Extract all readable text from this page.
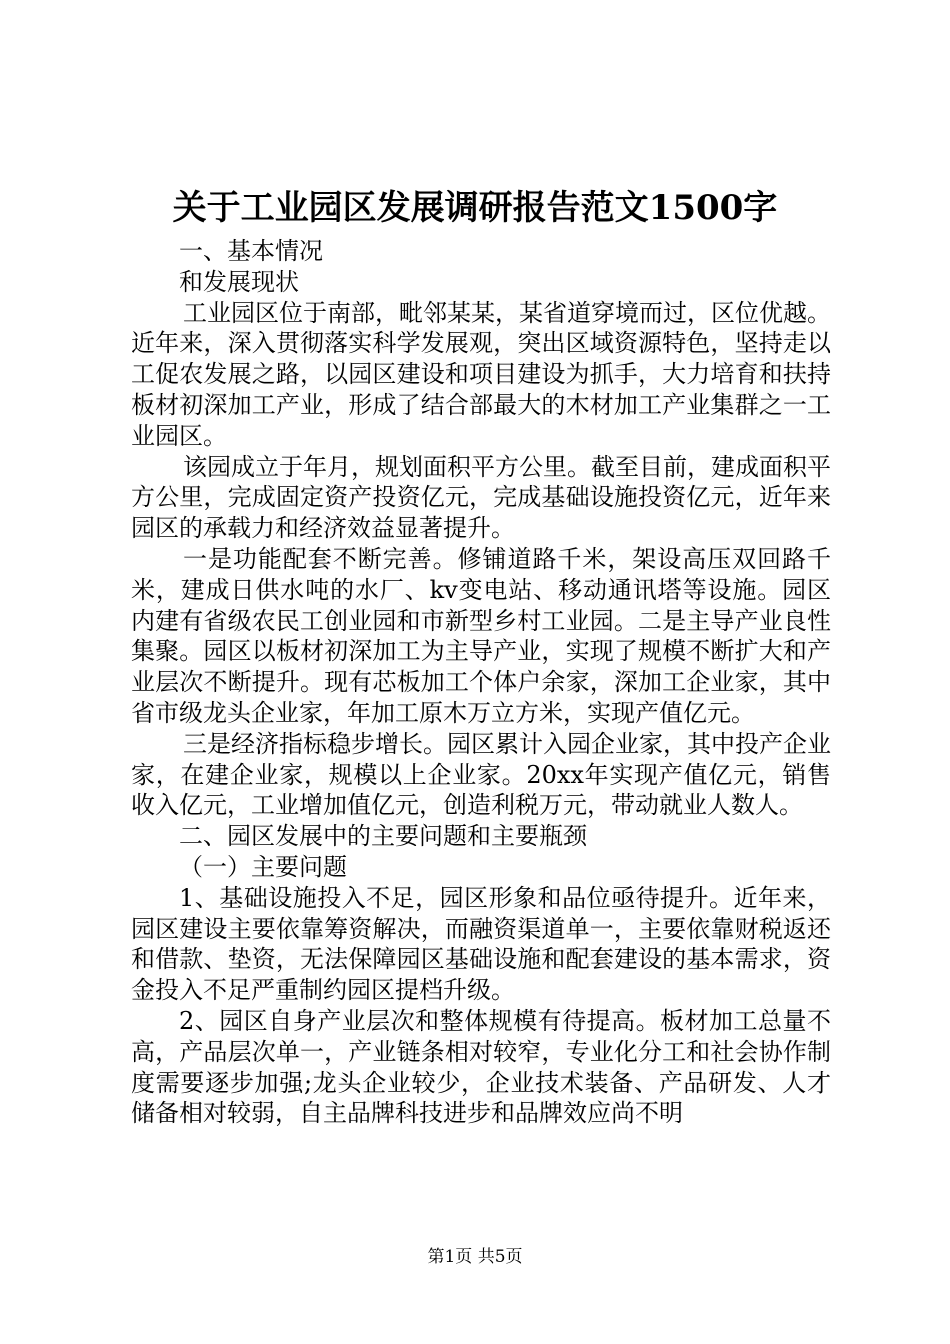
关于工业园区发展调研报告范文1500字

一、基本情况

和发展现状

工业园区位于南部，毗邻某某，某省道穿境而过，区位优越。近年来，深入贯彻落实科学发展观，突出区域资源特色，坚持走以工促农发展之路，以园区建设和项目建设为抓手，大力培育和扶持板材初深加工产业，形成了结合部最大的木材加工产业集群之一工业园区。

该园成立于年月，规划面积平方公里。截至目前，建成面积平方公里，完成固定资产投资亿元，完成基础设施投资亿元，近年来园区的承载力和经济效益显著提升。

一是功能配套不断完善。修铺道路千米，架设高压双回路千米，建成日供水吨的水厂、kv变电站、移动通讯塔等设施。园区内建有省级农民工创业园和市新型乡村工业园。二是主导产业良性集聚。园区以板材初深加工为主导产业，实现了规模不断扩大和产业层次不断提升。现有芯板加工个体户余家，深加工企业家，其中省市级龙头企业家，年加工原木万立方米，实现产值亿元。

三是经济指标稳步增长。园区累计入园企业家，其中投产企业家，在建企业家，规模以上企业家。20xx年实现产值亿元，销售收入亿元，工业增加值亿元，创造利税万元，带动就业人数人。

二、园区发展中的主要问题和主要瓶颈

（一）主要问题

1、基础设施投入不足，园区形象和品位亟待提升。近年来，园区建设主要依靠筹资解决，而融资渠道单一，主要依靠财税返还和借款、垫资，无法保障园区基础设施和配套建设的基本需求，资金投入不足严重制约园区提档升级。

2、园区自身产业层次和整体规模有待提高。板材加工总量不高，产品层次单一，产业链条相对较窄，专业化分工和社会协作制度需要逐步加强;龙头企业较少，企业技术装备、产品研发、人才储备相对较弱，自主品牌科技进步和品牌效应尚不明

第1页 共5页
